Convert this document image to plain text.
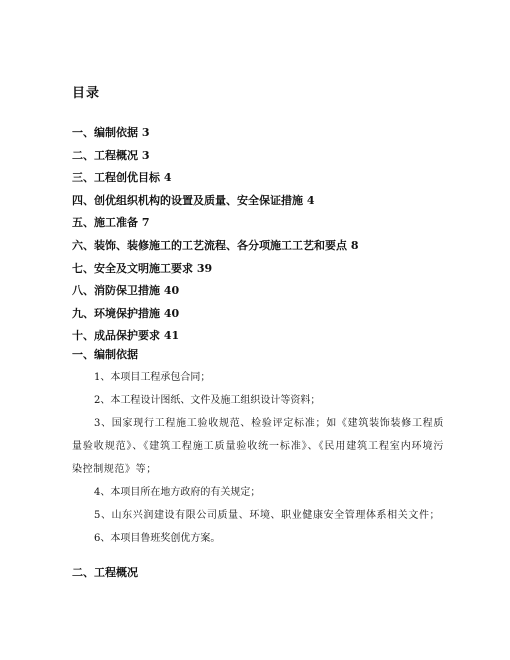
目录
一、编制依据 3
二、工程概况 3
三、工程创优目标 4
四、创优组织机构的设置及质量、安全保证措施 4
五、施工准备 7
六、装饰、装修施工的工艺流程、各分项施工工艺和要点 8
七、安全及文明施工要求 39
八、消防保卫措施 40
九、环境保护措施 40
十、成品保护要求 41
一、编制依据

1、本项目工程承包合同；

2、本工程设计图纸、文件及施工组织设计等资料；

3、国家现行工程施工验收规范、检验评定标准；如《建筑装饰装修工程质量验收规范》、《建筑工程施工质量验收统一标准》、《民用建筑工程室内环境污染控制规范》等；

4、本项目所在地方政府的有关规定；

5、山东兴润建设有限公司质量、环境、职业健康安全管理体系相关文件；

6、本项目鲁班奖创优方案。

二、工程概况
